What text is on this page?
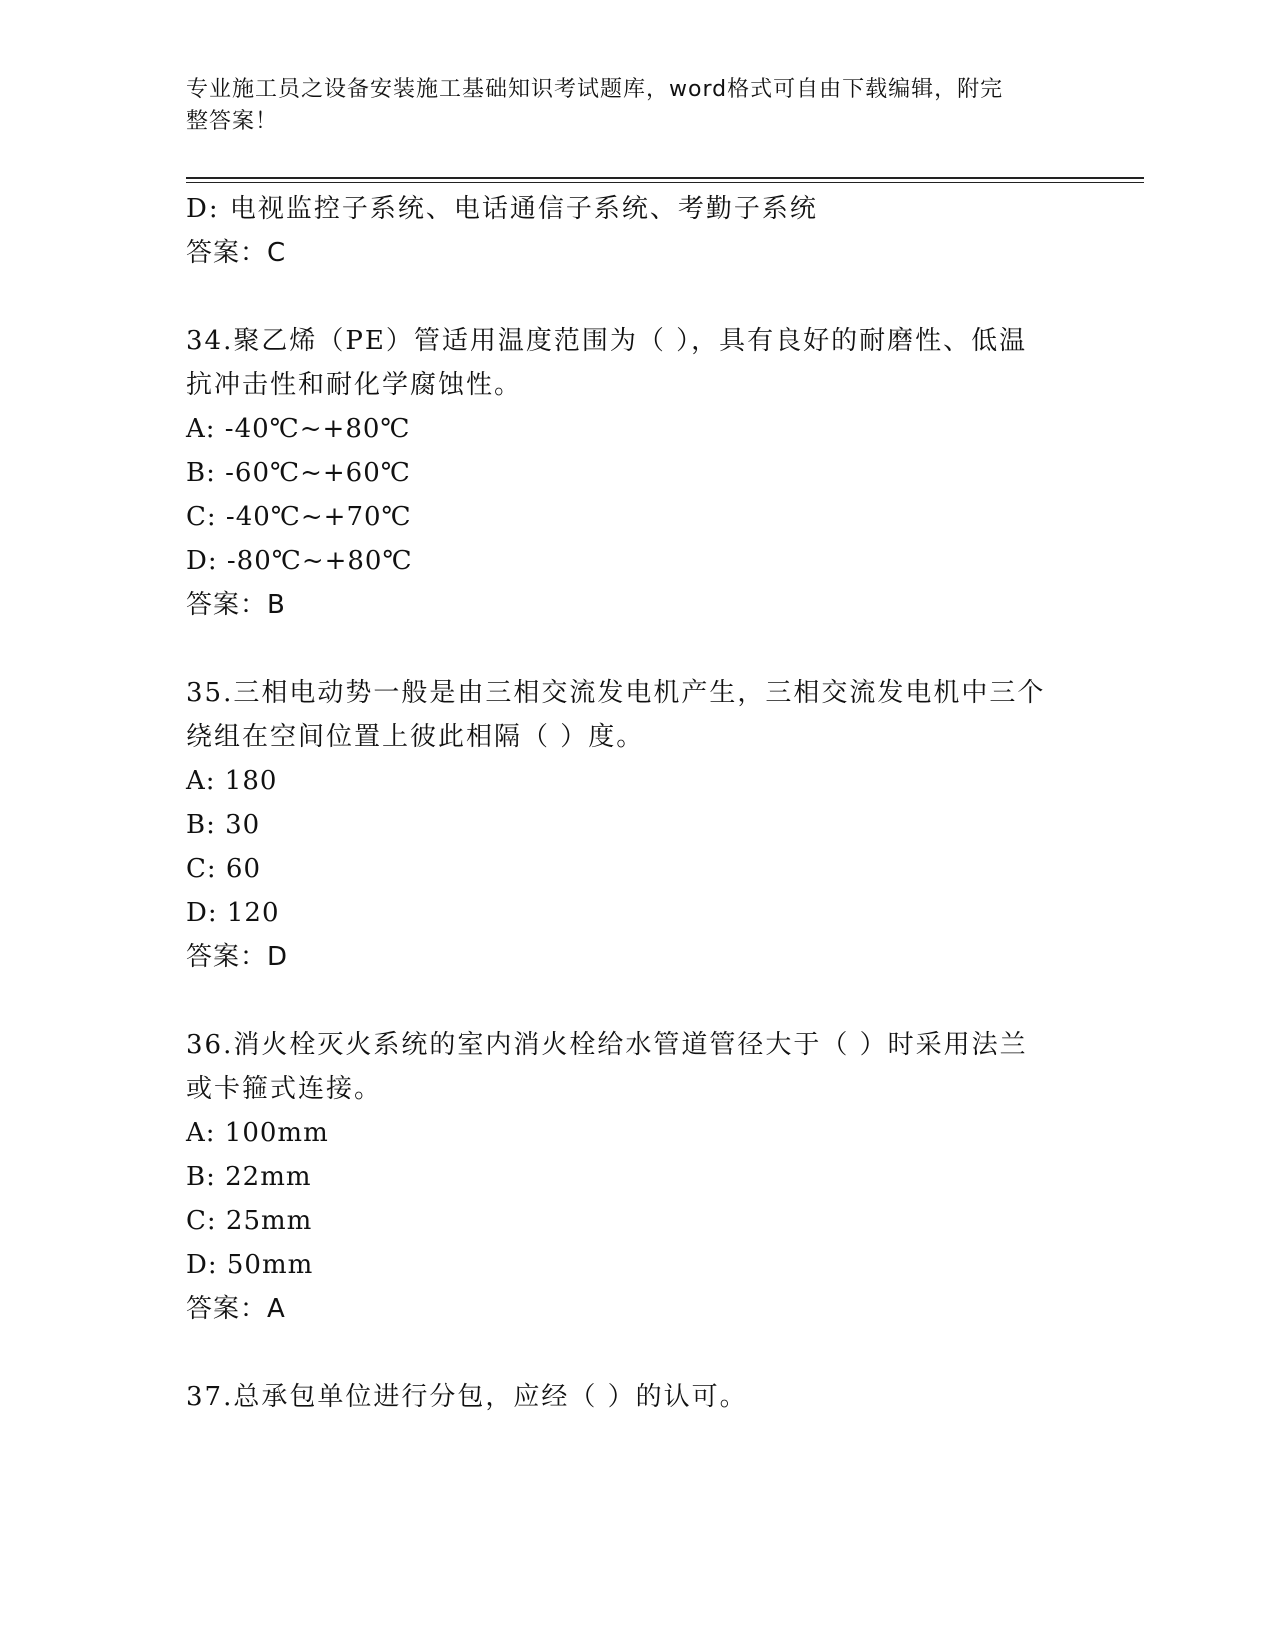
专业施工员之设备安装施工基础知识考试题库，word格式可自由下载编辑，附完
整答案！
D: 电视监控子系统、电话通信子系统、考勤子系统
答案：C
34.聚乙烯（PE）管适用温度范围为（ ），具有良好的耐磨性、低温
抗冲击性和耐化学腐蚀性。
A: -40℃~+80℃
B: -60℃~+60℃
C: -40℃~+70℃
D: -80℃~+80℃
答案：B
35.三相电动势一般是由三相交流发电机产生，三相交流发电机中三个
绕组在空间位置上彼此相隔（ ）度。
A: 180
B: 30
C: 60
D: 120
答案：D
36.消火栓灭火系统的室内消火栓给水管道管径大于（ ）时采用法兰
或卡箍式连接。
A: 100mm
B: 22mm
C: 25mm
D: 50mm
答案：A
37.总承包单位进行分包，应经（ ）的认可。
